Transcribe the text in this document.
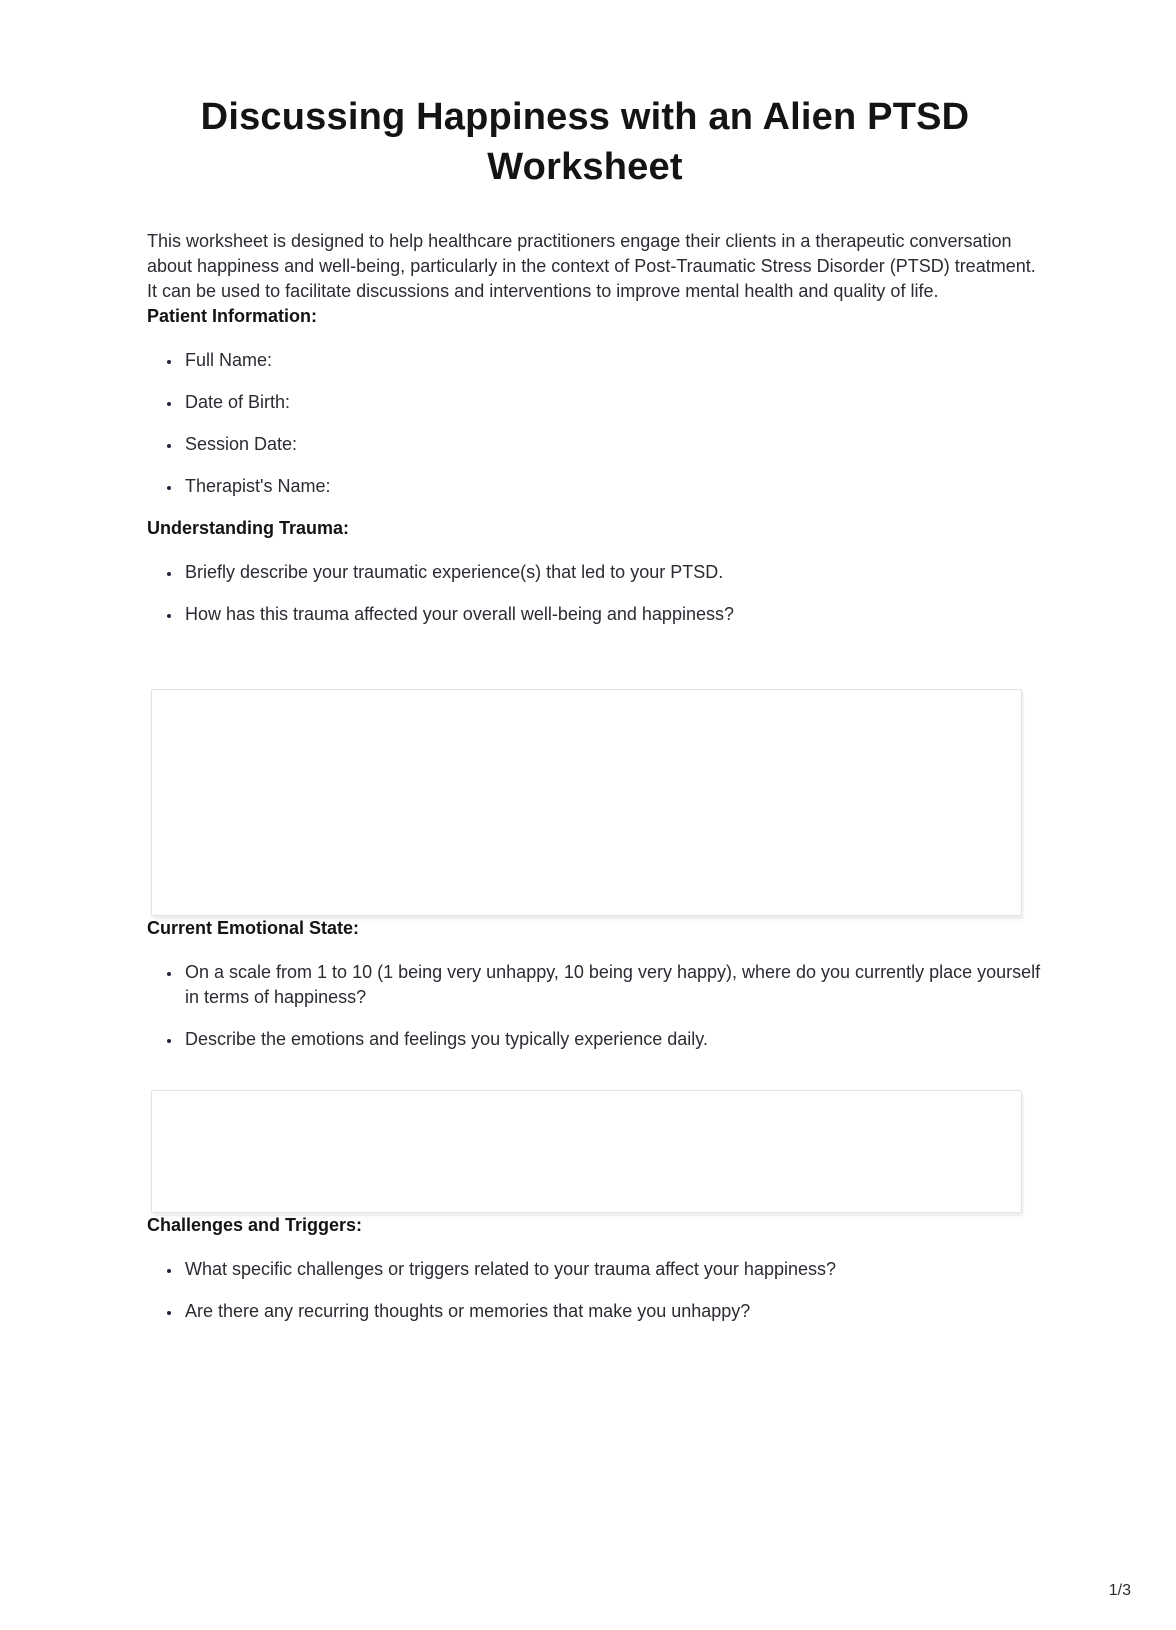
Discussing Happiness with an Alien PTSD Worksheet

This worksheet is designed to help healthcare practitioners engage their clients in a therapeutic conversation about happiness and well-being, particularly in the context of Post-Traumatic Stress Disorder (PTSD) treatment. It can be used to facilitate discussions and interventions to improve mental health and quality of life.

Patient Information:
• Full Name:
• Date of Birth:
• Session Date:
• Therapist's Name:
Understanding Trauma:
• Briefly describe your traumatic experience(s) that led to your PTSD.
• How has this trauma affected your overall well-being and happiness?
Current Emotional State:
• On a scale from 1 to 10 (1 being very unhappy, 10 being very happy), where do you currently place yourself in terms of happiness?
• Describe the emotions and feelings you typically experience daily.
Challenges and Triggers:
• What specific challenges or triggers related to your trauma affect your happiness?
• Are there any recurring thoughts or memories that make you unhappy?
1/3
